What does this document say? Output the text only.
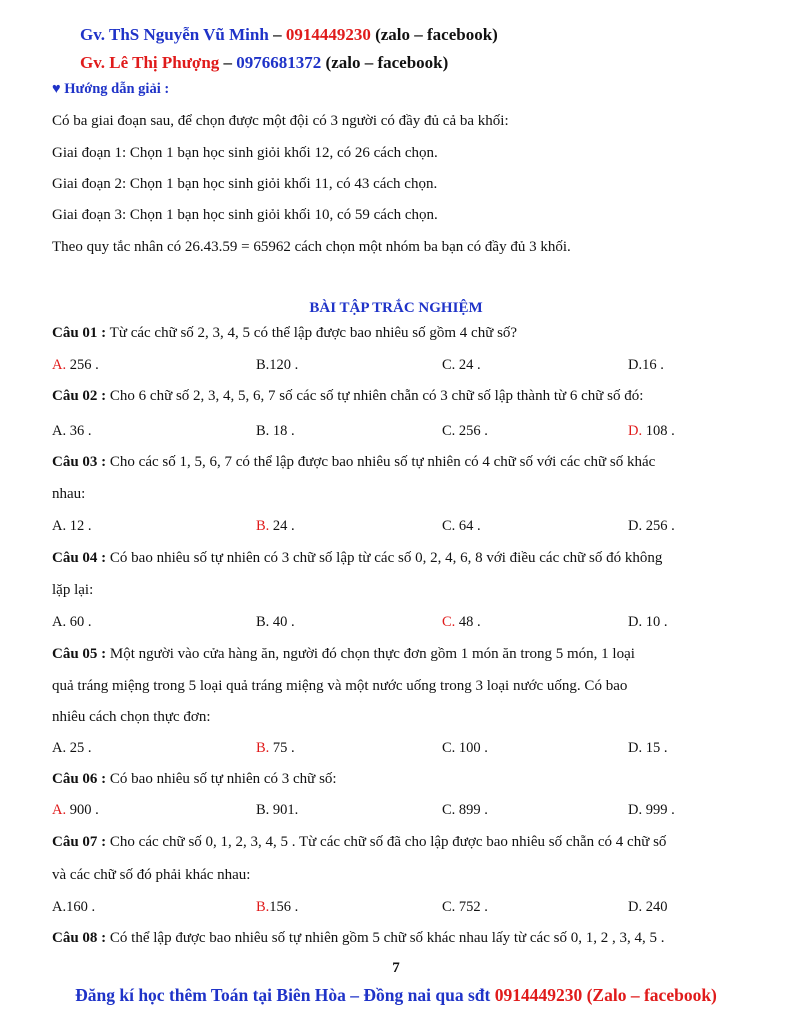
Gv. ThS Nguyễn Vũ Minh – 0914449230 (zalo – facebook)
Gv. Lê Thị Phượng – 0976681372 (zalo – facebook)
♥ Hướng dẫn giải :
Có ba giai đoạn sau, để chọn được một đội có 3 người có đầy đủ cả ba khối:
Giai đoạn 1: Chọn 1 bạn học sinh giỏi khối 12, có 26 cách chọn.
Giai đoạn 2: Chọn 1 bạn học sinh giỏi khối 11, có 43 cách chọn.
Giai đoạn 3: Chọn 1 bạn học sinh giỏi khối 10, có 59 cách chọn.
Theo quy tắc nhân có 26.43.59 = 65962 cách chọn một nhóm ba bạn có đầy đủ 3 khối.
BÀI TẬP TRẮC NGHIỆM
Câu 01 : Từ các chữ số 2, 3, 4, 5 có thể lập được bao nhiêu số gồm 4 chữ số?
A. 256 .	B.120 .	C. 24 .	D.16 .
Câu 02 : Cho 6 chữ số 2, 3, 4, 5, 6, 7 số các số tự nhiên chẵn có 3 chữ số lập thành từ 6 chữ số đó:
A. 36 .	B. 18 .	C. 256 .	D. 108 .
Câu 03 : Cho các số 1, 5, 6, 7 có thể lập được bao nhiêu số tự nhiên có 4 chữ số với các chữ số khác
nhau:
A. 12 .	B. 24 .	C. 64 .	D. 256 .
Câu 04 : Có bao nhiêu số tự nhiên có 3 chữ số lập từ các số 0, 2, 4, 6, 8 với điều các chữ số đó không
lặp lại:
A. 60 .	B. 40 .	C. 48 .	D. 10 .
Câu 05 : Một người vào cửa hàng ăn, người đó chọn thực đơn gồm 1 món ăn trong 5 món, 1 loại
quả tráng miệng trong 5 loại quả tráng miệng và một nước uống trong 3 loại nước uống. Có bao
nhiêu cách chọn thực đơn:
A. 25 .	B. 75 .	C. 100 .	D. 15 .
Câu 06 : Có bao nhiêu số tự nhiên có 3 chữ số:
A. 900 .	B. 901.	C. 899 .	D. 999 .
Câu 07 : Cho các chữ số 0, 1, 2, 3, 4, 5 . Từ các chữ số đã cho lập được bao nhiêu số chẵn có 4 chữ số
và các chữ số đó phải khác nhau:
A.160 .	B.156 .	C. 752 .	D. 240
Câu 08 : Có thể lập được bao nhiêu số tự nhiên gồm 5 chữ số khác nhau lấy từ các số 0, 1, 2 , 3, 4, 5 .
7
Đăng kí học thêm Toán tại Biên Hòa – Đồng nai qua sđt 0914449230 (Zalo – facebook)
